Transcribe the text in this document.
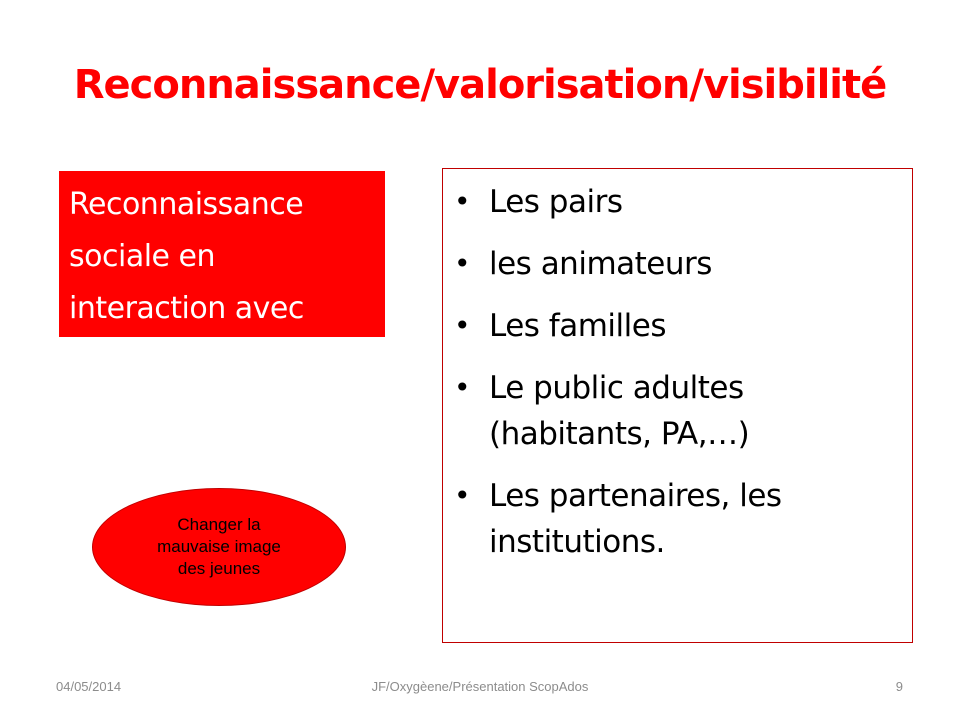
Reconnaissance/valorisation/visibilité
Reconnaissance
sociale en
interaction avec
• Les pairs
• les animateurs
• Les familles
• Le public adultes
(habitants, PA,…)
• Les partenaires, les
institutions.
Changer la
mauvaise image
des jeunes
04/05/2014	JF/Oxygèene/Présentation ScopAdos	9
